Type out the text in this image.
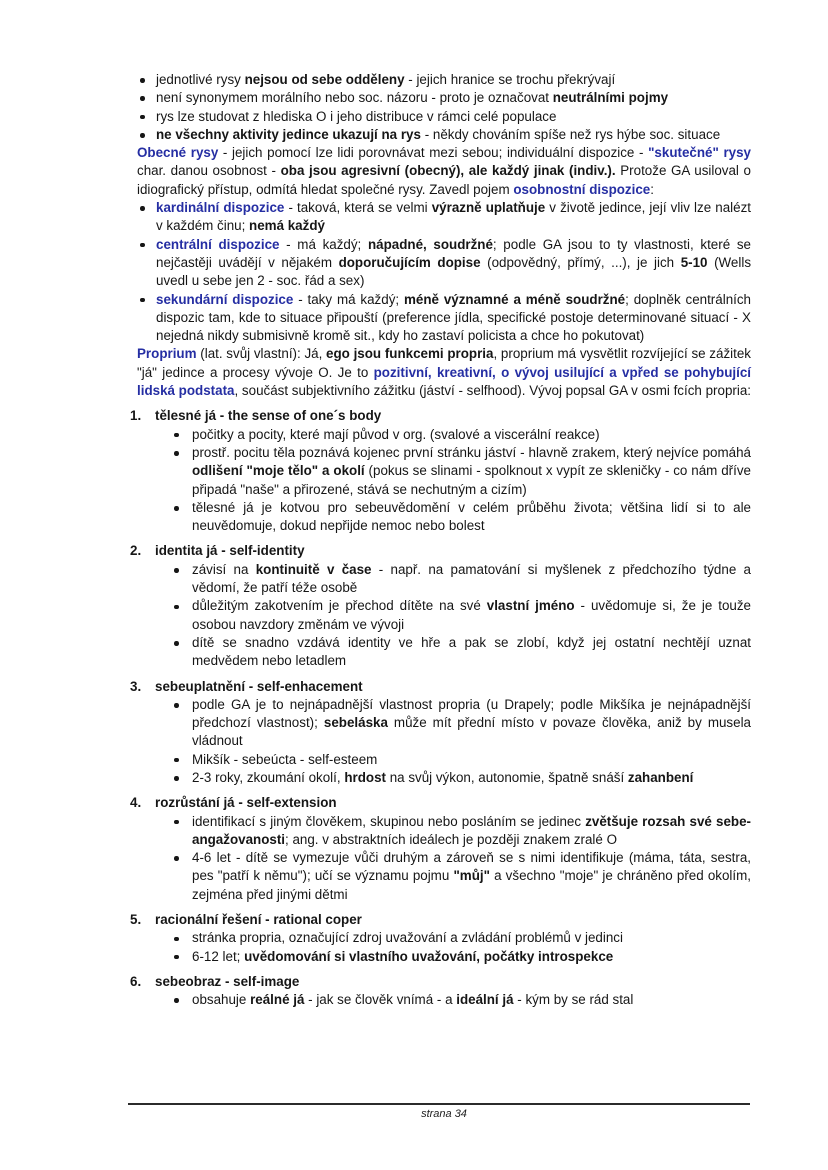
jednotlivé rysy nejsou od sebe odděleny - jejich hranice se trochu překrývají
není synonymem morálního nebo soc. názoru - proto je označovat neutrálními pojmy
rys lze studovat z hlediska O i jeho distribuce v rámci celé populace
ne všechny aktivity jedince ukazují na rys - někdy chováním spíše než rys hýbe soc. situace

Obecné rysy - jejich pomocí lze lidi porovnávat mezi sebou; individuální dispozice - "skutečné" rysy char. danou osobnost - oba jsou agresivní (obecný), ale každý jinak (indiv.). Protože GA usiloval o idiografický přístup, odmítá hledat společné rysy. Zavedl pojem osobnostní dispozice:

kardinální dispozice - taková, která se velmi výrazně uplatňuje v životě jedince, její vliv lze nalézt v každém činu; nemá každý
centrální dispozice - má každý; nápadné, soudržné; podle GA jsou to ty vlastnosti, které se nejčastěji uvádějí v nějakém doporučujícím dopise (odpovědný, přímý, ...), je jich 5-10 (Wells uvedl u sebe jen 2 - soc. řád a sex)
sekundární dispozice - taky má každý; méně významné a méně soudržné; doplněk centrálních dispozic tam, kde to situace připouští (preference jídla, specifické postoje determinované situací - X nejedná nikdy submisivně kromě sit., kdy ho zastaví policista a chce ho pokutovat)

Proprium (lat. svůj vlastní): Já, ego jsou funkcemi propria, proprium má vysvětlit rozvíjející se zážitek "já" jedince a procesy vývoje O. Je to pozitivní, kreativní, o vývoj usilující a vpřed se pohybující lidská podstata, součást subjektivního zážitku (jáství - selfhood). Vývoj popsal GA v osmi fcích propria:

1. tělesné já - the sense of one´s body
počitky a pocity, které mají původ v org. (svalové a viscerální reakce)
prostř. pocitu těla poznává kojenec první stránku jáství - hlavně zrakem, který nejvíce pomáhá odlišení "moje tělo" a okolí (pokus se slinami - spolknout x vypít ze skleničky - co nám dříve připadá "naše" a přirozené, stává se nechutným a cizím)
tělesné já je kotvou pro sebeuvědomění v celém průběhu života; většina lidí si to ale neuvědomuje, dokud nepřijde nemoc nebo bolest
2. identita já - self-identity
závisí na kontinuitě v čase - např. na pamatování si myšlenek z předchozího týdne a vědomí, že patří téže osobě
důležitým zakotvením je přechod dítěte na své vlastní jméno - uvědomuje si, že je touže osobou navzdory změnám ve vývoji
dítě se snadno vzdává identity ve hře a pak se zlobí, když jej ostatní nechtějí uznat medvědem nebo letadlem
3. sebeuplatnění - self-enhacement
podle GA je to nejnápadnější vlastnost propria (u Drapely; podle Mikšíka je nejnápadnější předchozí vlastnost); sebeláska může mít přední místo v povaze člověka, aniž by musela vládnout
Mikšík - sebeúcta - self-esteem
2-3 roky, zkoumání okolí, hrdost na svůj výkon, autonomie, špatně snáší zahanbení
4. rozrůstání já - self-extension
identifikací s jiným člověkem, skupinou nebo posláním se jedinec zvětšuje rozsah své sebe-angažovanosti; ang. v abstraktních ideálech je později znakem zralé O
4-6 let - dítě se vymezuje vůči druhým a zároveň se s nimi identifikuje (máma, táta, sestra, pes "patří k němu"); učí se významu pojmu "můj" a všechno "moje" je chráněno před okolím, zejména před jinými dětmi
5. racionální řešení - rational coper
stránka propria, označující zdroj uvažování a zvládání problémů v jedinci
6-12 let; uvědomování si vlastního uvažování, počátky introspekce
6. sebeobraz - self-image
obsahuje reálné já - jak se člověk vnímá - a ideální já - kým by se rád stal
strana 34
